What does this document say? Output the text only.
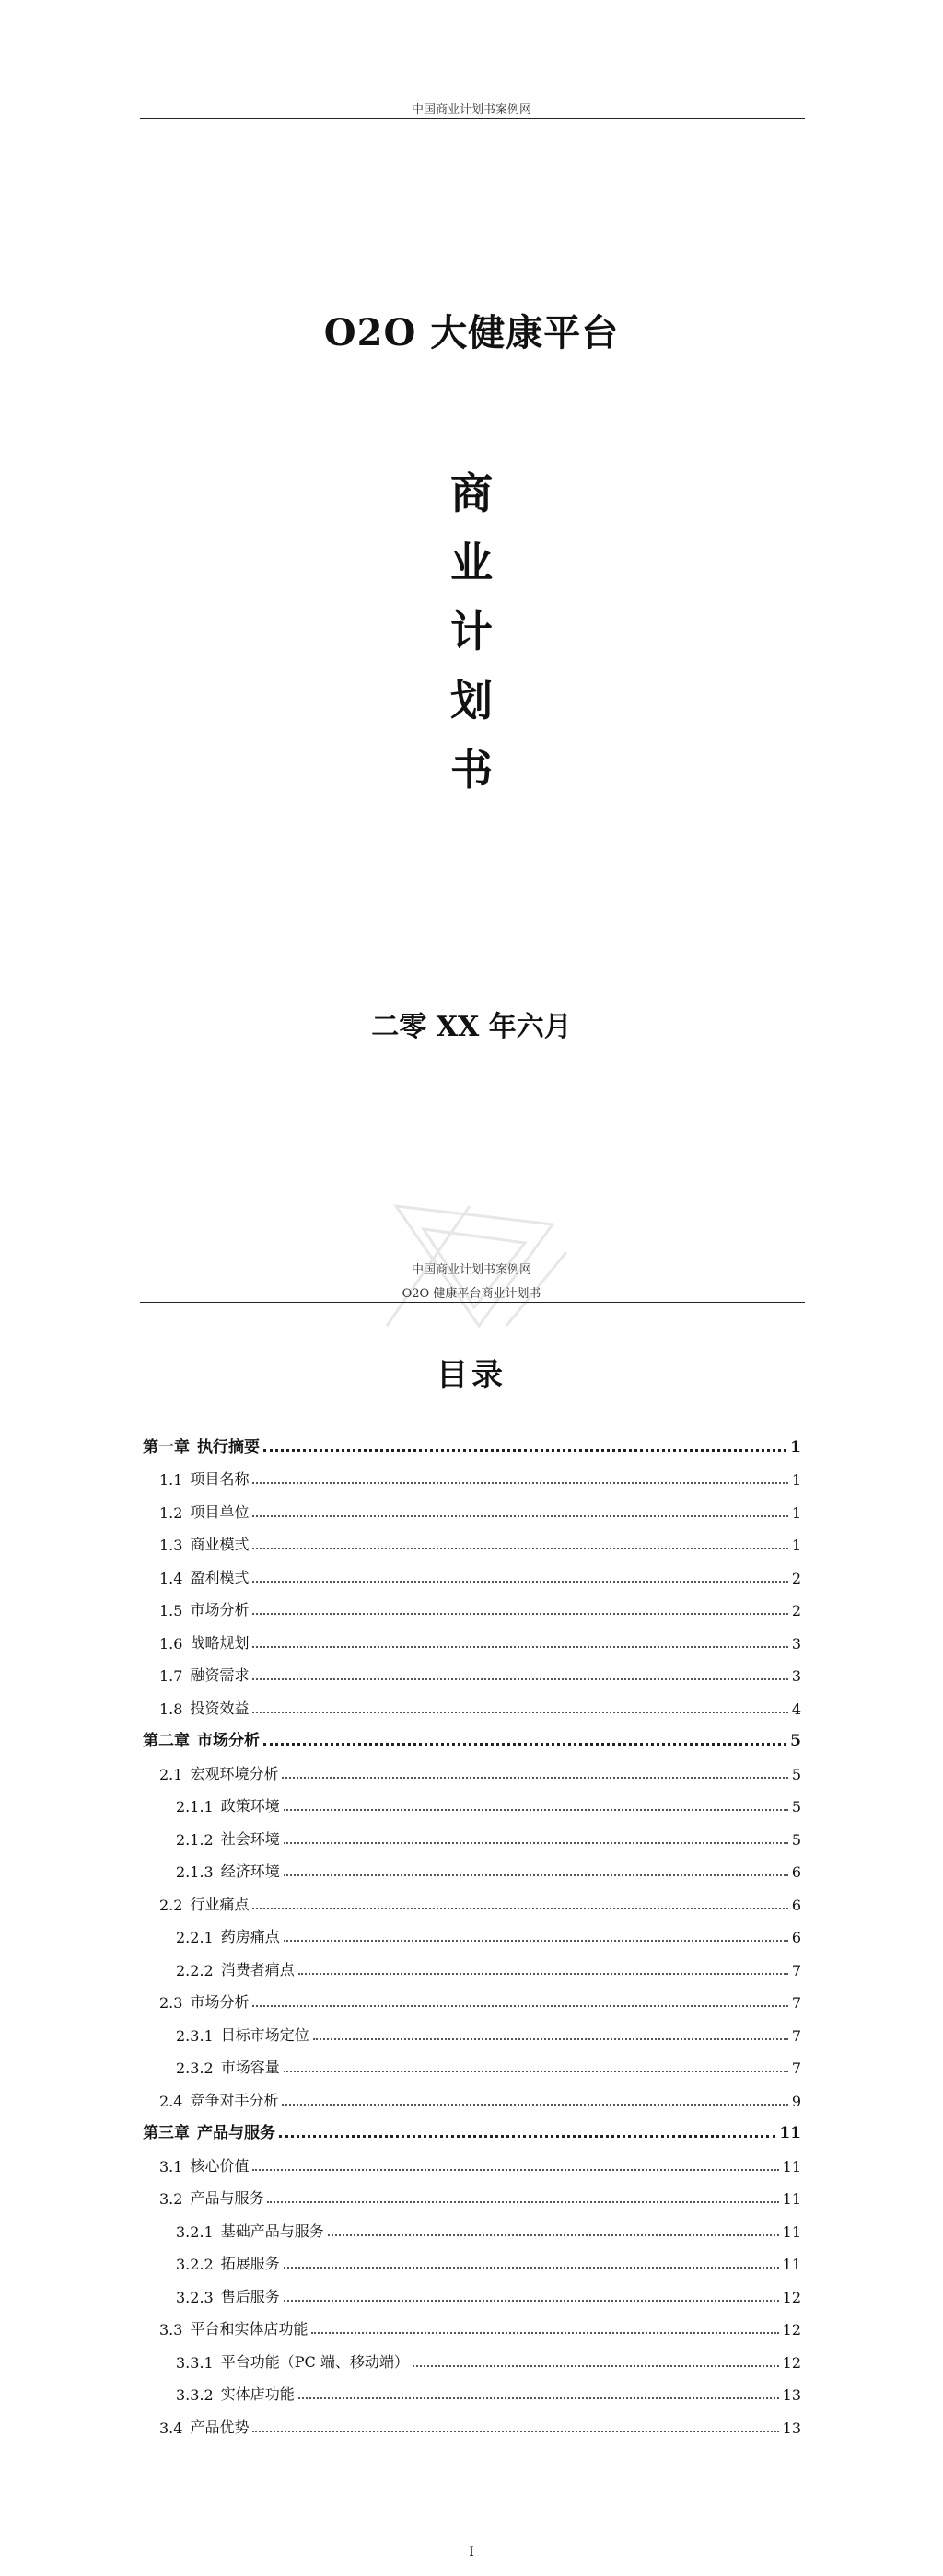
中国商业计划书案例网
O2O 大健康平台
商
业
计
划
书
二零 XX 年六月
中国商业计划书案例网
O2O 健康平台商业计划书
目录
第一章 执行摘要	1
1.1 项目名称	1
1.2 项目单位	1
1.3 商业模式	1
1.4 盈利模式	2
1.5 市场分析	2
1.6 战略规划	3
1.7 融资需求	3
1.8 投资效益	4
第二章 市场分析	5
2.1 宏观环境分析	5
2.1.1 政策环境	5
2.1.2 社会环境	5
2.1.3 经济环境	6
2.2 行业痛点	6
2.2.1 药房痛点	6
2.2.2 消费者痛点	7
2.3 市场分析	7
2.3.1 目标市场定位	7
2.3.2 市场容量	7
2.4 竞争对手分析	9
第三章 产品与服务	11
3.1 核心价值	11
3.2 产品与服务	11
3.2.1 基础产品与服务	11
3.2.2 拓展服务	11
3.2.3 售后服务	12
3.3 平台和实体店功能	12
3.3.1 平台功能（PC 端、移动端）	12
3.3.2 实体店功能	13
3.4 产品优势	13
I
